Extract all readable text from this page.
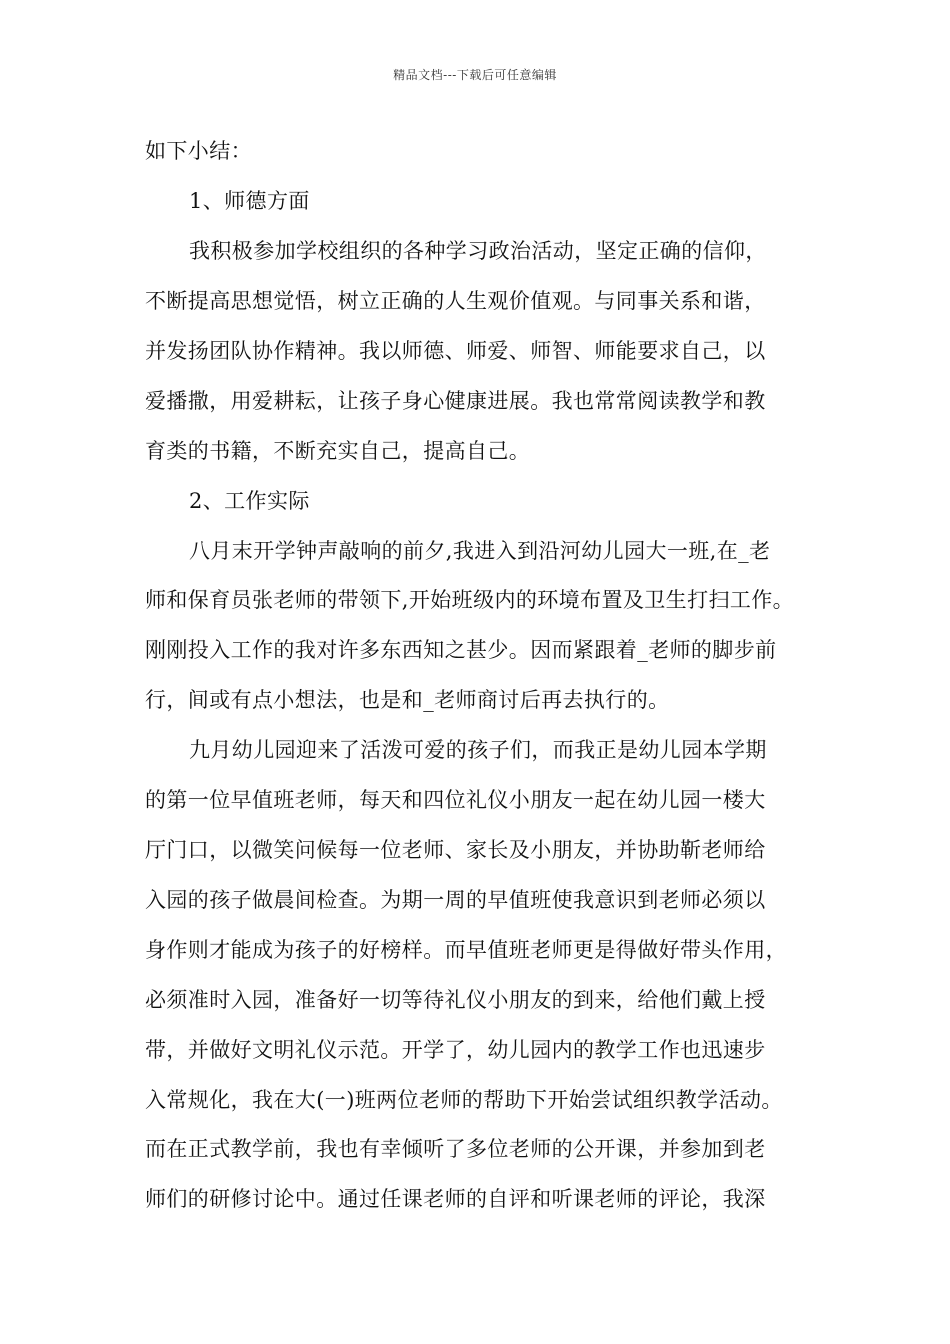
精品文档---下载后可任意编辑
如下小结：
1、师德方面
我积极参加学校组织的各种学习政治活动，坚定正确的信仰，
不断提高思想觉悟，树立正确的人生观价值观。与同事关系和谐，
并发扬团队协作精神。我以师德、师爱、师智、师能要求自己，以
爱播撒，用爱耕耘，让孩子身心健康进展。我也常常阅读教学和教
育类的书籍，不断充实自己，提高自己。
2、工作实际
八月末开学钟声敲响的前夕,我进入到沿河幼儿园大一班,在_老
师和保育员张老师的带领下,开始班级内的环境布置及卫生打扫工作。
刚刚投入工作的我对许多东西知之甚少。因而紧跟着_老师的脚步前
行，间或有点小想法，也是和_老师商讨后再去执行的。
九月幼儿园迎来了活泼可爱的孩子们，而我正是幼儿园本学期
的第一位早值班老师，每天和四位礼仪小朋友一起在幼儿园一楼大
厅门口，以微笑问候每一位老师、家长及小朋友，并协助靳老师给
入园的孩子做晨间检查。为期一周的早值班使我意识到老师必须以
身作则才能成为孩子的好榜样。而早值班老师更是得做好带头作用，
必须准时入园，准备好一切等待礼仪小朋友的到来，给他们戴上授
带，并做好文明礼仪示范。开学了，幼儿园内的教学工作也迅速步
入常规化，我在大(一)班两位老师的帮助下开始尝试组织教学活动。
而在正式教学前，我也有幸倾听了多位老师的公开课，并参加到老
师们的研修讨论中。通过任课老师的自评和听课老师的评论，我深
